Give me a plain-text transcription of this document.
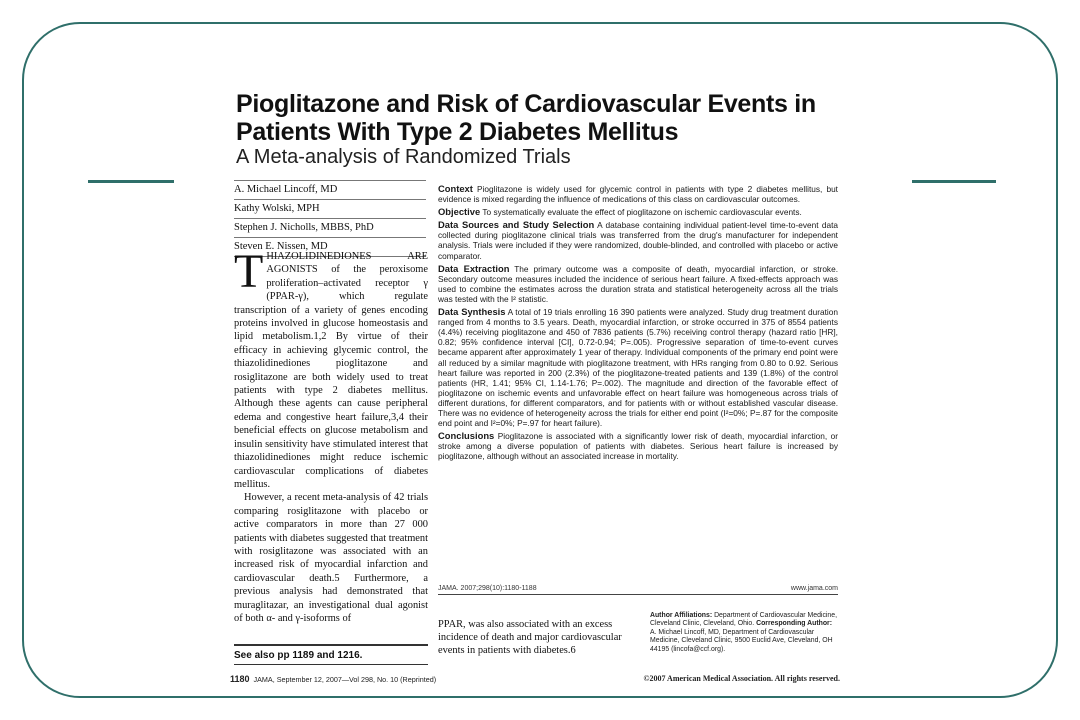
Pioglitazone and Risk of Cardiovascular Events in Patients With Type 2 Diabetes Mellitus
A Meta-analysis of Randomized Trials
A. Michael Lincoff, MD
Kathy Wolski, MPH
Stephen J. Nicholls, MBBS, PhD
Steven E. Nissen, MD
T HIAZOLIDINEDIONES ARE AGONISTS of the peroxisome proliferation–activated receptor γ (PPAR-γ), which regulate transcription of a variety of genes encoding proteins involved in glucose homeostasis and lipid metabolism.1,2 By virtue of their efficacy in achieving glycemic control, the thiazolidinediones pioglitazone and rosiglitazone are both widely used to treat patients with type 2 diabetes mellitus. Although these agents can cause peripheral edema and congestive heart failure,3,4 their beneficial effects on glucose metabolism and insulin sensitivity have stimulated interest that thiazolidinediones might reduce ischemic cardiovascular complications of diabetes mellitus.

However, a recent meta-analysis of 42 trials comparing rosiglitazone with placebo or active comparators in more than 27 000 patients with diabetes suggested that treatment with rosiglitazone was associated with an increased risk of myocardial infarction and cardiovascular death.5 Furthermore, a previous analysis had demonstrated that muraglitazar, an investigational dual agonist of both α- and γ-isoforms of

See also pp 1189 and 1216.

Context Pioglitazone is widely used for glycemic control in patients with type 2 diabetes mellitus, but evidence is mixed regarding the influence of medications of this class on cardiovascular outcomes.

Objective To systematically evaluate the effect of pioglitazone on ischemic cardiovascular events.

Data Sources and Study Selection A database containing individual patient-level time-to-event data collected during pioglitazone clinical trials was transferred from the drug's manufacturer for independent analysis. Trials were included if they were randomized, double-blinded, and controlled with placebo or active comparator.

Data Extraction The primary outcome was a composite of death, myocardial infarction, or stroke. Secondary outcome measures included the incidence of serious heart failure. A fixed-effects approach was used to combine the estimates across the duration strata and statistical heterogeneity across all the trials was tested with the I² statistic.

Data Synthesis A total of 19 trials enrolling 16 390 patients were analyzed. Study drug treatment duration ranged from 4 months to 3.5 years. Death, myocardial infarction, or stroke occurred in 375 of 8554 patients (4.4%) receiving pioglitazone and 450 of 7836 patients (5.7%) receiving control therapy (hazard ratio [HR], 0.82; 95% confidence interval [CI], 0.72-0.94; P=.005). Progressive separation of time-to-event curves became apparent after approximately 1 year of therapy. Individual components of the primary end point were all reduced by a similar magnitude with pioglitazone treatment, with HRs ranging from 0.80 to 0.92. Serious heart failure was reported in 200 (2.3%) of the pioglitazone-treated patients and 139 (1.8%) of the control patients (HR, 1.41; 95% CI, 1.14-1.76; P=.002). The magnitude and direction of the favorable effect of pioglitazone on ischemic events and unfavorable effect on heart failure was homogeneous across trials of different durations, for different comparators, and for patients with or without established vascular disease. There was no evidence of heterogeneity across the trials for either end point (I²=0%; P=.87 for the composite end point and I²=0%; P=.97 for heart failure).

Conclusions Pioglitazone is associated with a significantly lower risk of death, myocardial infarction, or stroke among a diverse population of patients with diabetes. Serious heart failure is increased by pioglitazone, although without an associated increase in mortality.

JAMA. 2007;298(10):1180-1188	www.jama.com
PPAR, was also associated with an excess incidence of death and major cardiovascular events in patients with diabetes.6
Author Affiliations: Department of Cardiovascular Medicine, Cleveland Clinic, Cleveland, Ohio. Corresponding Author: A. Michael Lincoff, MD, Department of Cardiovascular Medicine, Cleveland Clinic, 9500 Euclid Ave, Cleveland, OH 44195 (lincofa@ccf.org).
1180 JAMA, September 12, 2007—Vol 298, No. 10 (Reprinted)	©2007 American Medical Association. All rights reserved.
